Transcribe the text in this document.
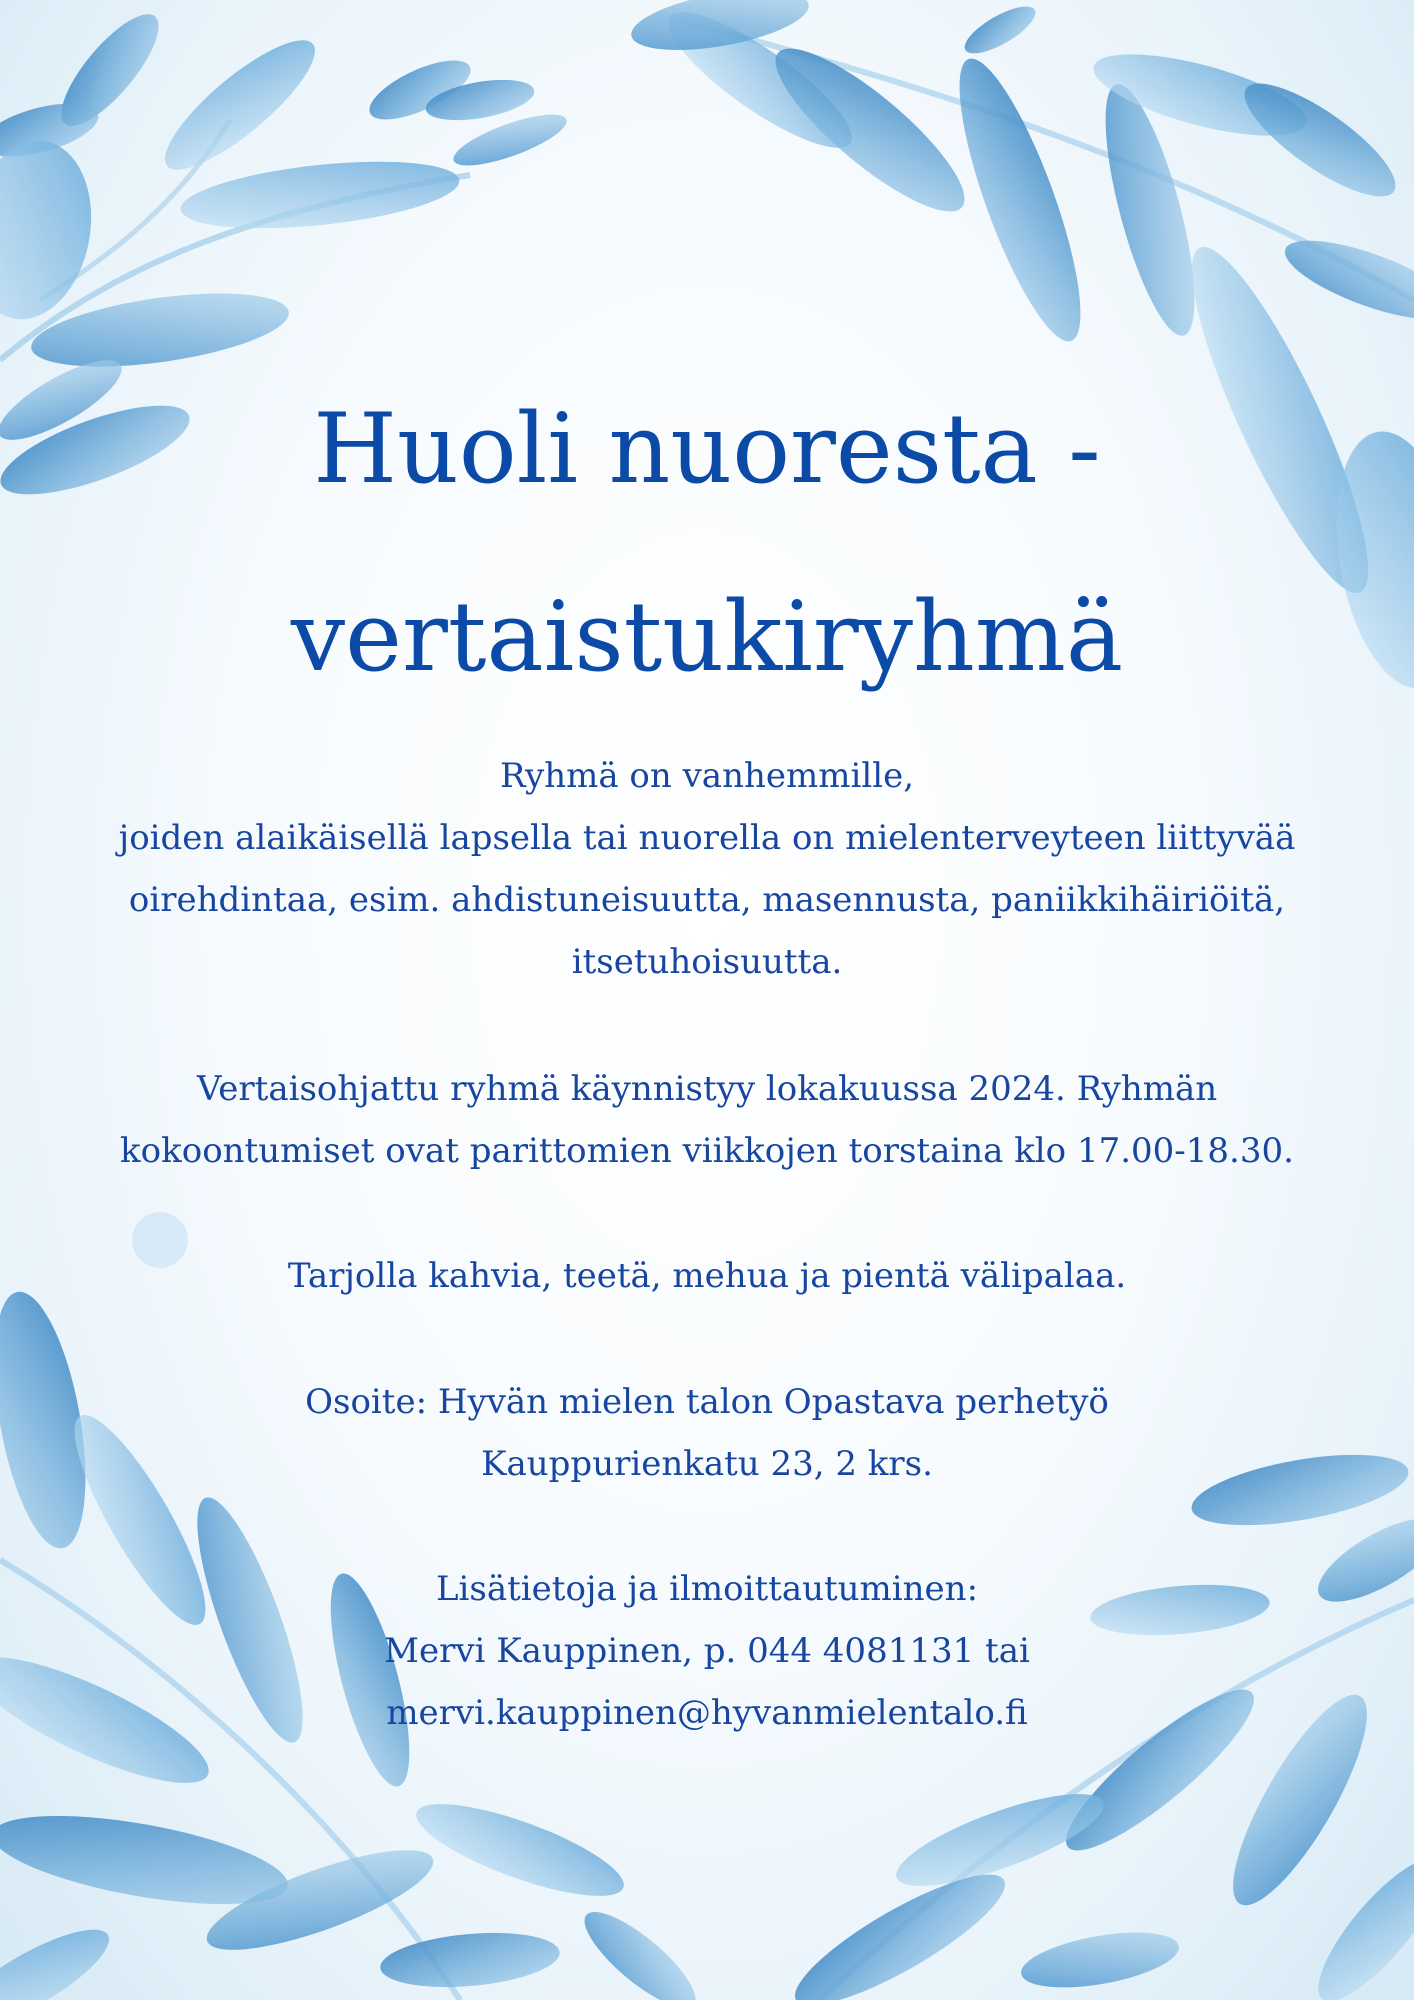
Huoli nuoresta -
vertaistukiryhmä
Ryhmä on vanhemmille,
joiden alaikäisellä lapsella tai nuorella on mielenterveyteen liittyvää
oirehdintaa, esim. ahdistuneisuutta, masennusta, paniikkihäiriöitä,
itsetuhoisuutta.
Vertaisohjattu ryhmä käynnistyy lokakuussa 2024. Ryhmän
kokoontumiset ovat parittomien viikkojen torstaina klo 17.00-18.30.
Tarjolla kahvia, teetä, mehua ja pientä välipalaa.
Osoite: Hyvän mielen talon Opastava perhetyö
Kauppurienkatu 23, 2 krs.
Lisätietoja ja ilmoittautuminen:
Mervi Kauppinen, p. 044 4081131 tai
mervi.kauppinen@hyvanmielentalo.fi
